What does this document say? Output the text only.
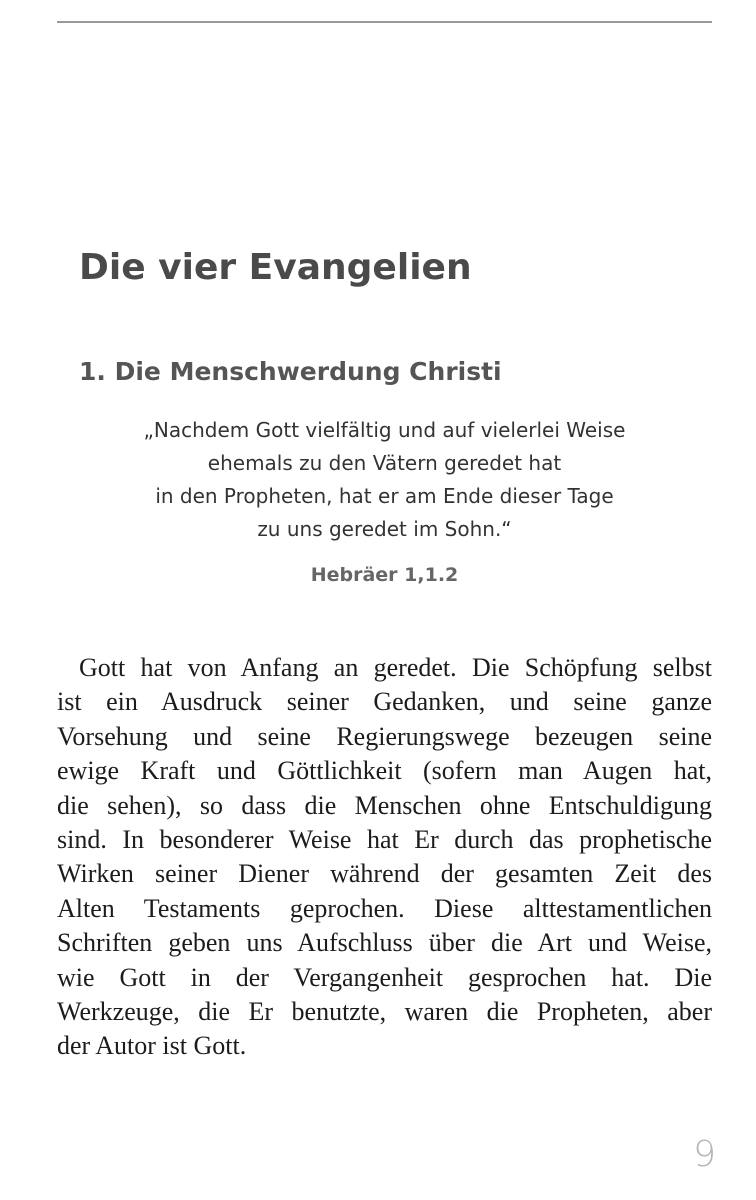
Die vier Evangelien
1. Die Menschwerdung Christi
„Nachdem Gott vielfältig und auf vielerlei Weise
ehemals zu den Vätern geredet hat
in den Propheten, hat er am Ende dieser Tage
zu uns geredet im Sohn.“
Hebräer 1,1.2
Gott hat von Anfang an geredet. Die Schöpfung selbst
ist ein Ausdruck seiner Gedanken, und seine ganze
Vorsehung und seine Regierungswege bezeugen seine
ewige Kraft und Göttlichkeit (sofern man Augen hat,
die sehen), so dass die Menschen ohne Entschuldigung
sind. In besonderer Weise hat Er durch das prophetische
Wirken seiner Diener während der gesamten Zeit des
Alten Testaments geprochen. Diese alttestamentlichen
Schriften geben uns Aufschluss über die Art und Weise,
wie Gott in der Vergangenheit gesprochen hat. Die
Werkzeuge, die Er benutzte, waren die Propheten, aber
der Autor ist Gott.
9
